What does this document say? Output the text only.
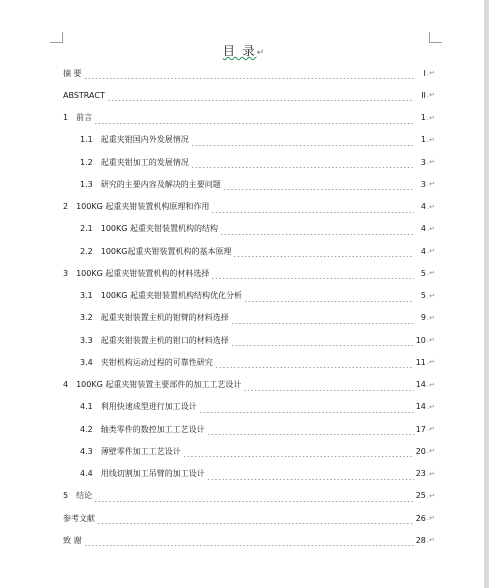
目 录↵
摘 要	I .↵
ABSTRACT	II .↵
1 前言	1 .↵
1.1 起重夹钳国内外发展情况	1 .↵
1.2 起重夹钳加工的发展情况	3 .↵
1.3 研究的主要内容及解决的主要问题	3 .↵
2 100KG 起重夹钳装置机构原理和作用	4 .↵
2.1 100KG 起重夹钳装置机构的结构	4 .↵
2.2 100KG起重夹钳装置机构的基本原理	4 .↵
3 100KG 起重夹钳装置机构的材料选择	5 .↵
3.1 100KG 起重夹钳装置机构结构优化分析	5 .↵
3.2 起重夹钳装置主机的钳臂的材料选择	9 .↵
3.3 起重夹钳装置主机的钳口的材料选择	10 .↵
3.4 夹钳机构运动过程的可靠性研究	11 .↵
4 100KG 起重夹钳装置主要部件的加工工艺设计	14 .↵
4.1 利用快速成型进行加工设计	14 .↵
4.2 轴类零件的数控加工工艺设计	17 .↵
4.3 薄壁零件加工工艺设计	20 .↵
4.4 用线切割加工吊臂的加工设计	23 .↵
5 结论	25 .↵
参考文献	26 .↵
致 谢	28 .↵
